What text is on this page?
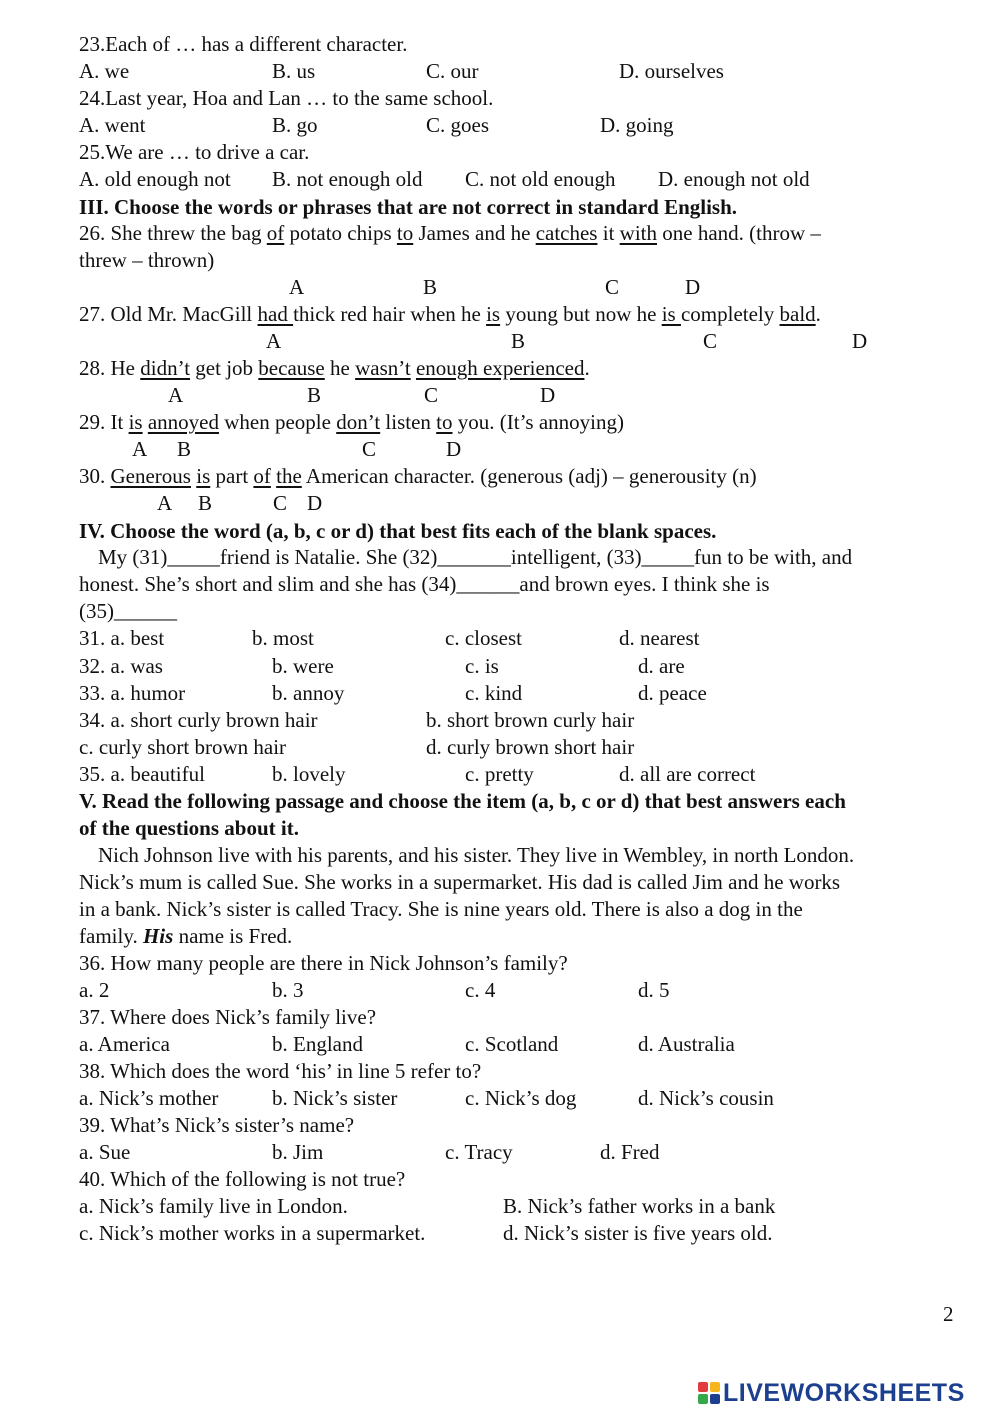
23.Each of … has a different character.
A. we	B. us	C. our	D. ourselves
24.Last year, Hoa and Lan … to the same school.
A. went	B. go	C. goes	D. going
25.We are … to drive a car.
A. old enough not B. not enough old C. not old enough D. enough not old
III. Choose the words or phrases that are not correct in standard English.
26. She threw the bag of potato chips to James and he catches it with one hand. (throw –
threw – thrown)
A	B	C	D
27. Old Mr. MacGill had thick red hair when he is young but now he is completely bald.
A	B	C	D
28. He didn’t get job because he wasn’t enough experienced.
A	B	C	D
29. It is annoyed when people don’t listen to you. (It’s annoying)
A B	C	D
30. Generous is part of the American character. (generous (adj) – generousity (n)
A B	C D
IV. Choose the word (a, b, c or d) that best fits each of the blank spaces.
My (31)_____friend is Natalie. She (32)_______intelligent, (33)_____fun to be with, and
honest. She’s short and slim and she has (34)______and brown eyes. I think she is
(35)______
31. a. best	b. most	c. closest	d. nearest
32. a. was	b. were	c. is	d. are
33. a. humor	b. annoy	c. kind	d. peace
34. a. short curly brown hair	b. short brown curly hair
c. curly short brown hair	d. curly brown short hair
35. a. beautiful	b. lovely	c. pretty	d. all are correct
V. Read the following passage and choose the item (a, b, c or d) that best answers each
of the questions about it.
Nich Johnson live with his parents, and his sister. They live in Wembley, in north London.
Nick’s mum is called Sue. She works in a supermarket. His dad is called Jim and he works
in a bank. Nick’s sister is called Tracy. She is nine years old. There is also a dog in the
family. His name is Fred.
36. How many people are there in Nick Johnson’s family?
a. 2	b. 3	c. 4	d. 5
37. Where does Nick’s family live?
a. America	b. England	c. Scotland	d. Australia
38. Which does the word ‘his’ in line 5 refer to?
a. Nick’s mother	b. Nick’s sister	c. Nick’s dog	d. Nick’s cousin
39. What’s Nick’s sister’s name?
a. Sue	b. Jim	c. Tracy	d. Fred
40. Which of the following is not true?
a. Nick’s family live in London.	B. Nick’s father works in a bank
c. Nick’s mother works in a supermarket.	d. Nick’s sister is five years old.
2
LIVEWORKSHEETS
